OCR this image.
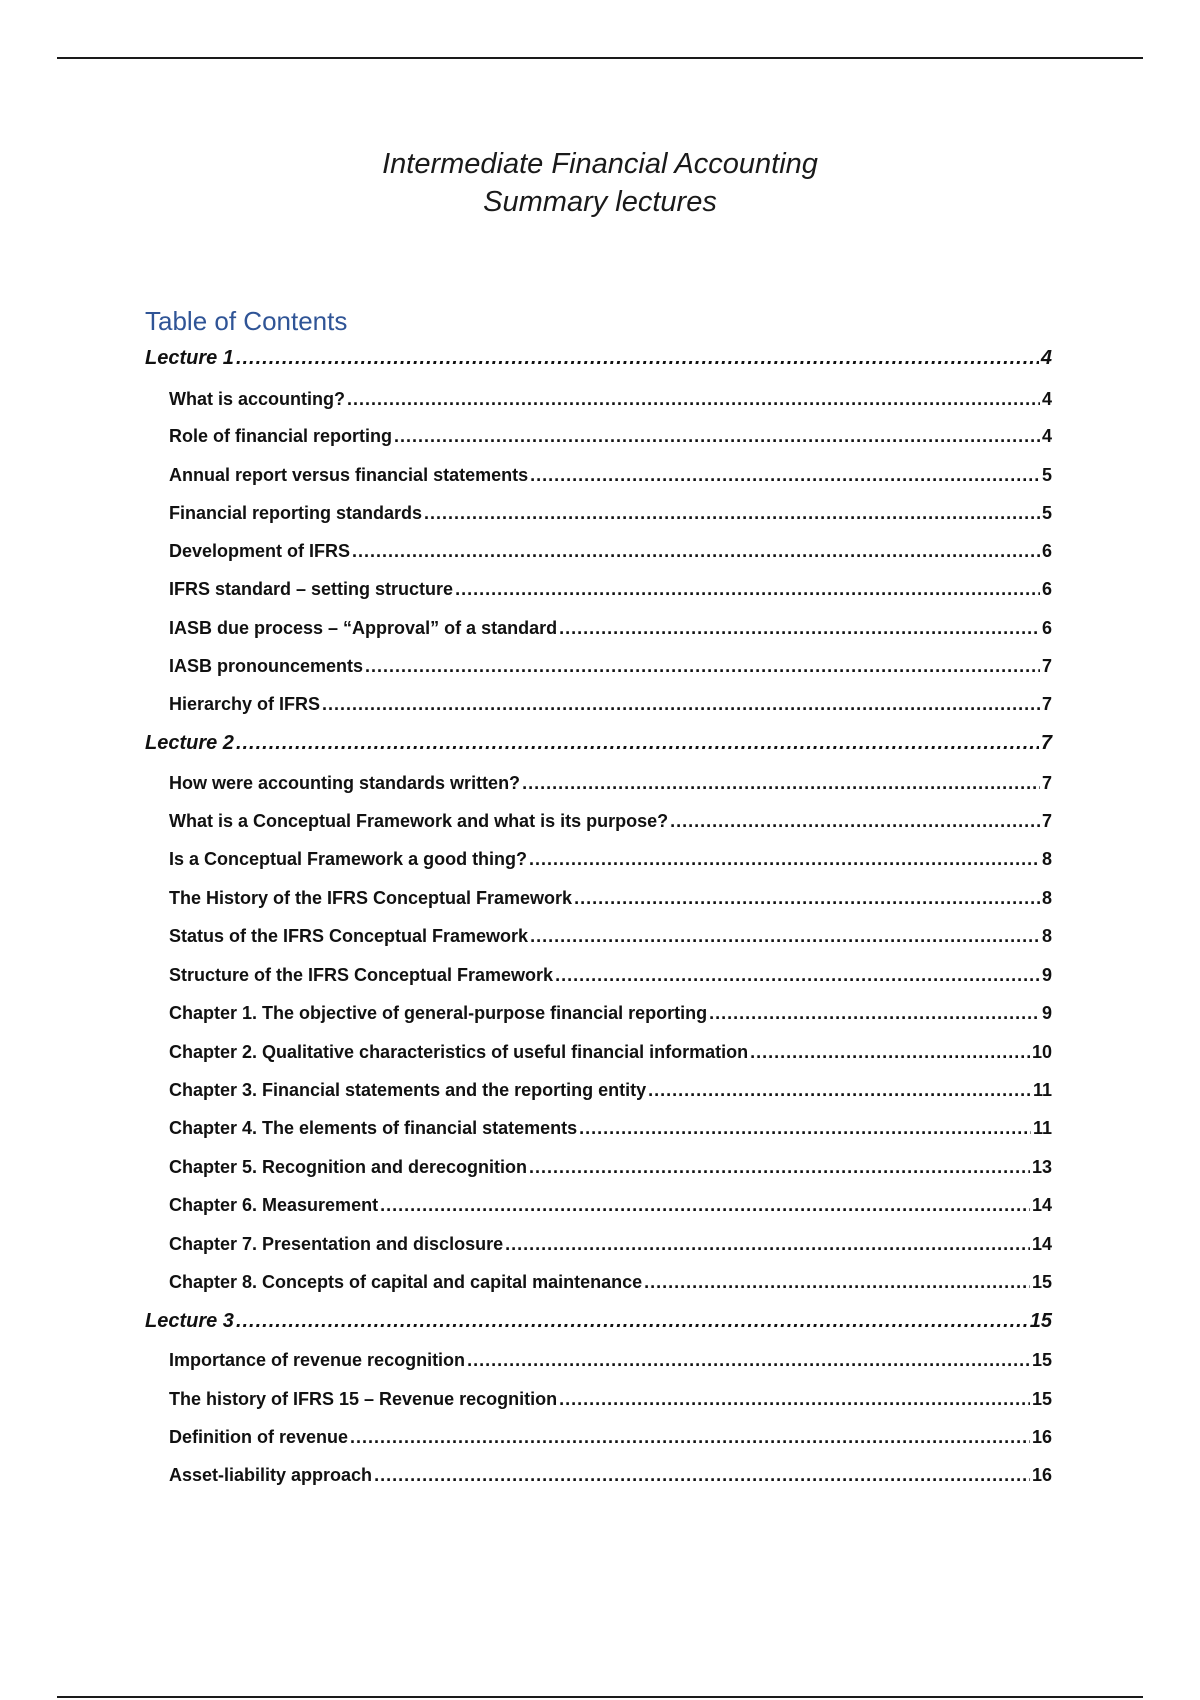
Intermediate Financial Accounting
Summary lectures
Table of Contents
Lecture 1 .....	4
What is accounting? .....	4
Role of financial reporting .....	4
Annual report versus financial statements .....	5
Financial reporting standards .....	5
Development of IFRS .....	6
IFRS standard – setting structure .....	6
IASB due process – “Approval” of a standard .....	6
IASB pronouncements .....	7
Hierarchy of IFRS .....	7
Lecture 2 .....	7
How were accounting standards written? .....	7
What is a Conceptual Framework and what is its purpose? .....	7
Is a Conceptual Framework a good thing? .....	8
The History of the IFRS Conceptual Framework .....	8
Status of the IFRS Conceptual Framework .....	8
Structure of the IFRS Conceptual Framework .....	9
Chapter 1. The objective of general-purpose financial reporting .....	9
Chapter 2. Qualitative characteristics of useful financial information .....	10
Chapter 3. Financial statements and the reporting entity .....	11
Chapter 4. The elements of financial statements .....	11
Chapter 5. Recognition and derecognition .....	13
Chapter 6. Measurement .....	14
Chapter 7. Presentation and disclosure .....	14
Chapter 8. Concepts of capital and capital maintenance .....	15
Lecture 3 .....	15
Importance of revenue recognition .....	15
The history of IFRS 15 – Revenue recognition .....	15
Definition of revenue .....	16
Asset-liability approach .....	16
